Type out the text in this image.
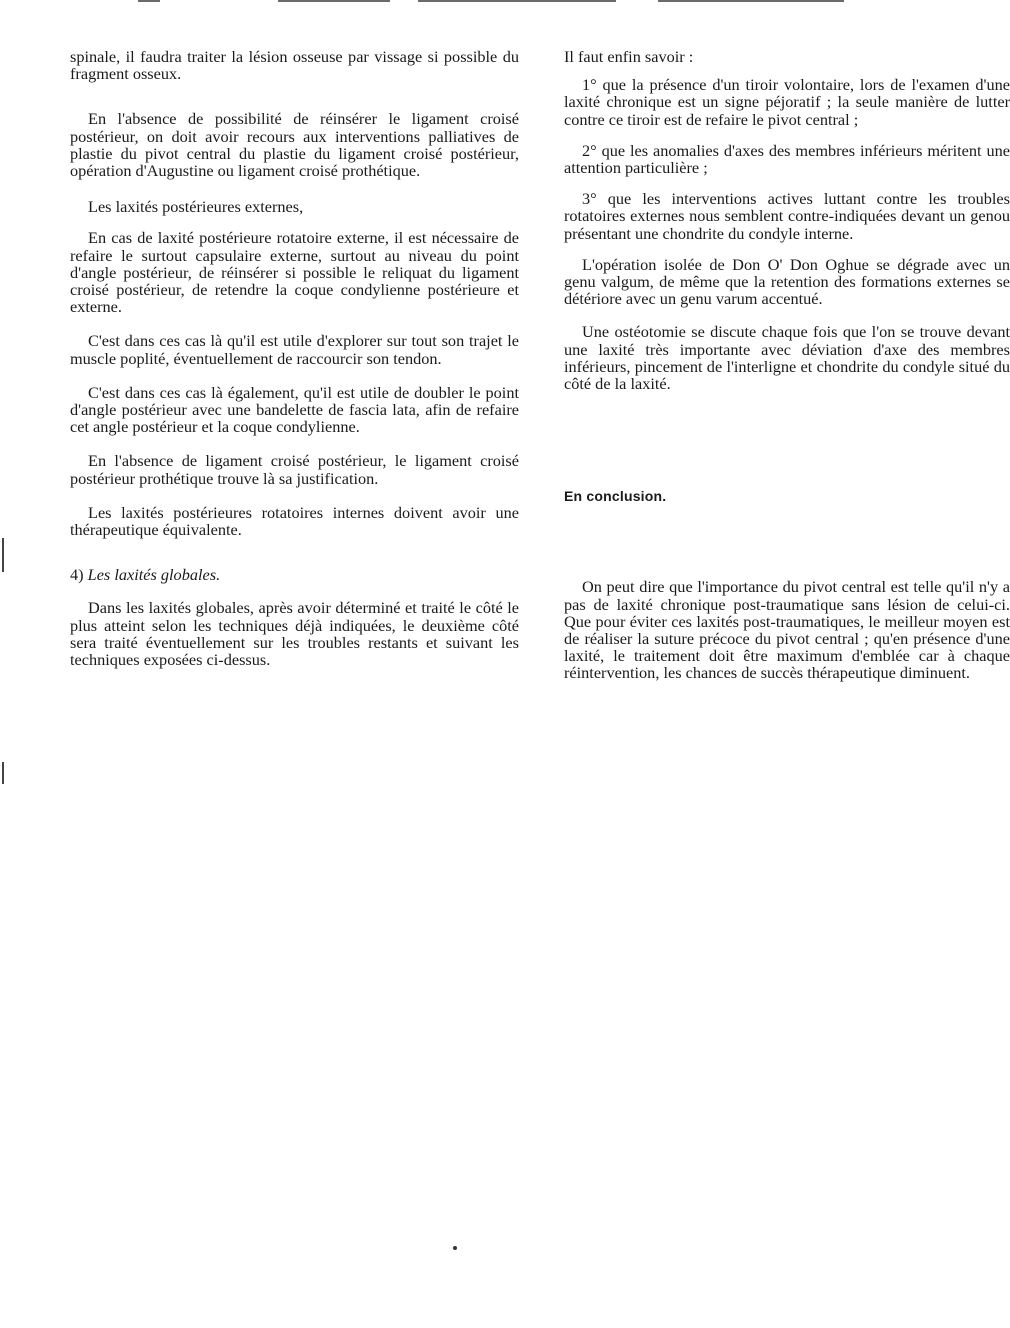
spinale, il faudra traiter la lésion osseuse par vissage si possible du fragment osseux.

En l'absence de possibilité de réinsérer le ligament croisé postérieur, on doit avoir recours aux interventions palliatives de plastie du pivot central du plastie du ligament croisé postérieur, opération d'Augustine ou ligament croisé prothétique.

Les laxités postérieures externes,

En cas de laxité postérieure rotatoire externe, il est nécessaire de refaire le surtout capsulaire externe, surtout au niveau du point d'angle postérieur, de réinsérer si possible le reliquat du ligament croisé postérieur, de retendre la coque condylienne postérieure et externe.

C'est dans ces cas là qu'il est utile d'explorer sur tout son trajet le muscle poplité, éventuellement de raccourcir son tendon.

C'est dans ces cas là également, qu'il est utile de doubler le point d'angle postérieur avec une bandelette de fascia lata, afin de refaire cet angle postérieur et la coque condylienne.

En l'absence de ligament croisé postérieur, le ligament croisé postérieur prothétique trouve là sa justification.

Les laxités postérieures rotatoires internes doivent avoir une thérapeutique équivalente.

4) Les laxités globales.

Dans les laxités globales, après avoir déterminé et traité le côté le plus atteint selon les techniques déjà indiquées, le deuxième côté sera traité éventuellement sur les troubles restants et suivant les techniques exposées ci-dessus.

Il faut enfin savoir :

1° que la présence d'un tiroir volontaire, lors de l'examen d'une laxité chronique est un signe péjoratif ; la seule manière de lutter contre ce tiroir est de refaire le pivot central ;

2° que les anomalies d'axes des membres inférieurs méritent une attention particulière ;

3° que les interventions actives luttant contre les troubles rotatoires externes nous semblent contre-indiquées devant un genou présentant une chondrite du condyle interne.

L'opération isolée de Don O' Don Oghue se dégrade avec un genu valgum, de même que la retention des formations externes se détériore avec un genu varum accentué.

Une ostéotomie se discute chaque fois que l'on se trouve devant une laxité très importante avec déviation d'axe des membres inférieurs, pincement de l'interligne et chondrite du condyle situé du côté de la laxité.

En conclusion.

On peut dire que l'importance du pivot central est telle qu'il n'y a pas de laxité chronique post-traumatique sans lésion de celui-ci. Que pour éviter ces laxités post-traumatiques, le meilleur moyen est de réaliser la suture précoce du pivot central ; qu'en présence d'une laxité, le traitement doit être maximum d'emblée car à chaque réintervention, les chances de succès thérapeutique diminuent.
